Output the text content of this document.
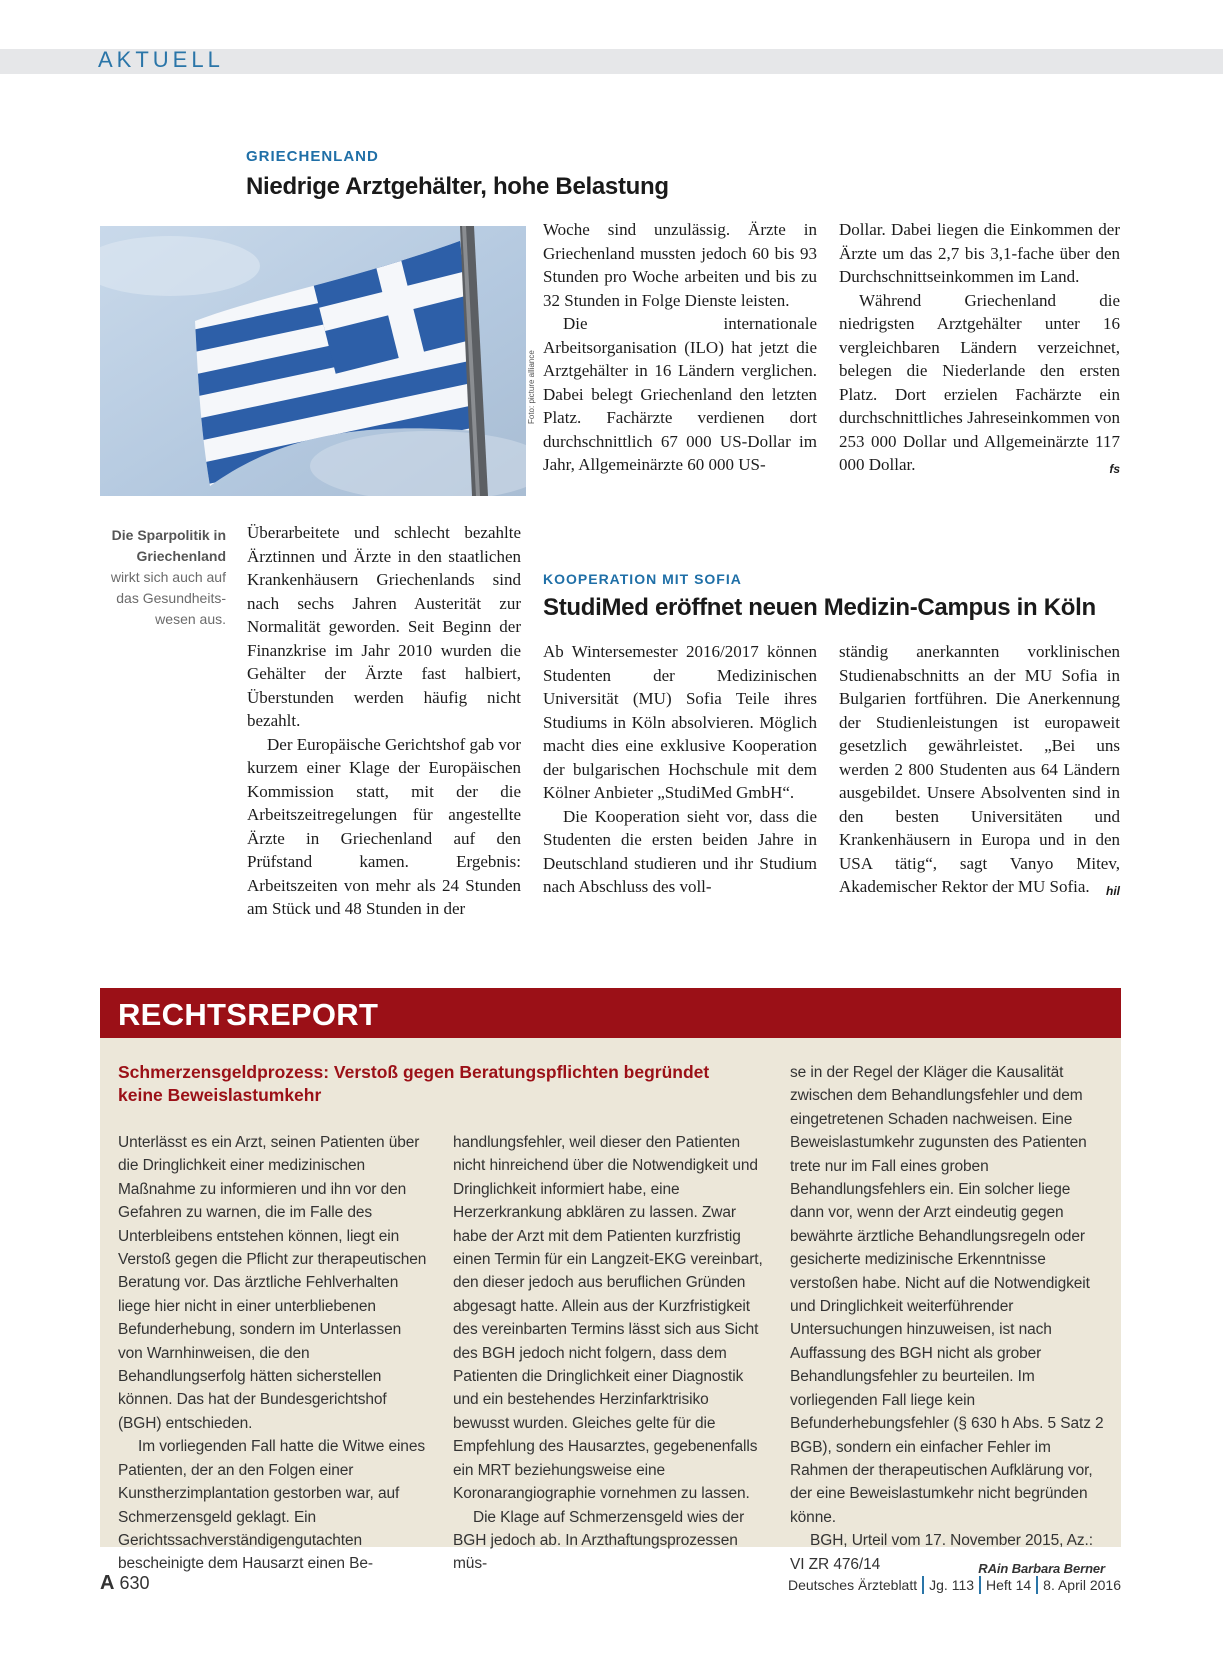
AKTUELL
GRIECHENLAND
Niedrige Arztgehälter, hohe Belastung
Foto: picture alliance
Die Sparpolitik in Griechenland
wirkt sich auch auf das Gesundheits-wesen aus.

Überarbeitete und schlecht bezahlte Ärztinnen und Ärzte in den staatlichen Krankenhäusern Griechenlands sind nach sechs Jahren Austerität zur Normalität geworden. Seit Beginn der Finanzkrise im Jahr 2010 wurden die Gehälter der Ärzte fast halbiert, Überstunden werden häufig nicht bezahlt.

Der Europäische Gerichtshof gab vor kurzem einer Klage der Europäischen Kommission statt, mit der die Arbeitszeitregelungen für angestellte Ärzte in Griechenland auf den Prüfstand kamen. Ergebnis: Arbeitszeiten von mehr als 24 Stunden am Stück und 48 Stunden in der

Woche sind unzulässig. Ärzte in Griechenland mussten jedoch 60 bis 93 Stunden pro Woche arbeiten und bis zu 32 Stunden in Folge Dienste leisten.

Die internationale Arbeitsorganisation (ILO) hat jetzt die Arztgehälter in 16 Ländern verglichen. Dabei belegt Griechenland den letzten Platz. Fachärzte verdienen dort durchschnittlich 67 000 US-Dollar im Jahr, Allgemeinärzte 60 000 US-

Dollar. Dabei liegen die Einkommen der Ärzte um das 2,7 bis 3,1-fache über den Durchschnittseinkommen im Land.

Während Griechenland die niedrigsten Arztgehälter unter 16 vergleichbaren Ländern verzeichnet, belegen die Niederlande den ersten Platz. Dort erzielen Fachärzte ein durchschnittliches Jahreseinkommen von 253 000 Dollar und Allgemeinärzte 117 000 Dollar.	fs

KOOPERATION MIT SOFIA
StudiMed eröffnet neuen Medizin-Campus in Köln

Ab Wintersemester 2016/2017 können Studenten der Medizinischen Universität (MU) Sofia Teile ihres Studiums in Köln absolvieren. Möglich macht dies eine exklusive Kooperation der bulgarischen Hochschule mit dem Kölner Anbieter „StudiMed GmbH“.

Die Kooperation sieht vor, dass die Studenten die ersten beiden Jahre in Deutschland studieren und ihr Studium nach Abschluss des voll-

ständig anerkannten vorklinischen Studienabschnitts an der MU Sofia in Bulgarien fortführen. Die Anerkennung der Studienleistungen ist europaweit gesetzlich gewährleistet. „Bei uns werden 2 800 Studenten aus 64 Ländern ausgebildet. Unsere Absolventen sind in den besten Universitäten und Krankenhäusern in Europa und in den USA tätig“, sagt Vanyo Mitev, Akademischer Rektor der MU Sofia. hil

RECHTSREPORT
Schmerzensgeldprozess: Verstoß gegen Beratungspflichten begründet keine Beweislastumkehr

Unterlässt es ein Arzt, seinen Patienten über die Dringlichkeit einer medizinischen Maßnahme zu informieren und ihn vor den Gefahren zu warnen, die im Falle des Unterbleibens entstehen können, liegt ein Verstoß gegen die Pflicht zur therapeutischen Beratung vor. Das ärztliche Fehlverhalten liege hier nicht in einer unterbliebenen Befunderhebung, sondern im Unterlassen von Warnhinweisen, die den Behandlungserfolg hätten sicherstellen können. Das hat der Bundesgerichtshof (BGH) entschieden.

Im vorliegenden Fall hatte die Witwe eines Patienten, der an den Folgen einer Kunstherzimplantation gestorben war, auf Schmerzensgeld geklagt. Ein Gerichtssachverständigengutachten bescheinigte dem Hausarzt einen Be-

handlungsfehler, weil dieser den Patienten nicht hinreichend über die Notwendigkeit und Dringlichkeit informiert habe, eine Herzerkrankung abklären zu lassen. Zwar habe der Arzt mit dem Patienten kurzfristig einen Termin für ein Langzeit-EKG vereinbart, den dieser jedoch aus beruflichen Gründen abgesagt hatte. Allein aus der Kurzfristigkeit des vereinbarten Termins lässt sich aus Sicht des BGH jedoch nicht folgern, dass dem Patienten die Dringlichkeit einer Diagnostik und ein bestehendes Herzinfarktrisiko bewusst wurden. Gleiches gelte für die Empfehlung des Hausarztes, gegebenenfalls ein MRT beziehungsweise eine Koronarangiographie vornehmen zu lassen.

Die Klage auf Schmerzensgeld wies der BGH jedoch ab. In Arzthaftungsprozessen müs-

se in der Regel der Kläger die Kausalität zwischen dem Behandlungsfehler und dem eingetretenen Schaden nachweisen. Eine Beweislastumkehr zugunsten des Patienten trete nur im Fall eines groben Behandlungsfehlers ein. Ein solcher liege dann vor, wenn der Arzt eindeutig gegen bewährte ärztliche Behandlungsregeln oder gesicherte medizinische Erkenntnisse verstoßen habe. Nicht auf die Notwendigkeit und Dringlichkeit weiterführender Untersuchungen hinzuweisen, ist nach Auffassung des BGH nicht als grober Behandlungsfehler zu beurteilen. Im vorliegenden Fall liege kein Befunderhebungsfehler (§ 630 h Abs. 5 Satz 2 BGB), sondern ein einfacher Fehler im Rahmen der therapeutischen Aufklärung vor, der eine Beweislastumkehr nicht begründen könne.

BGH, Urteil vom 17. November 2015, Az.: VI ZR 476/14	RAin Barbara Berner

A 630	Deutsches Ärzteblatt Jg. 113 Heft 14 8. April 2016
